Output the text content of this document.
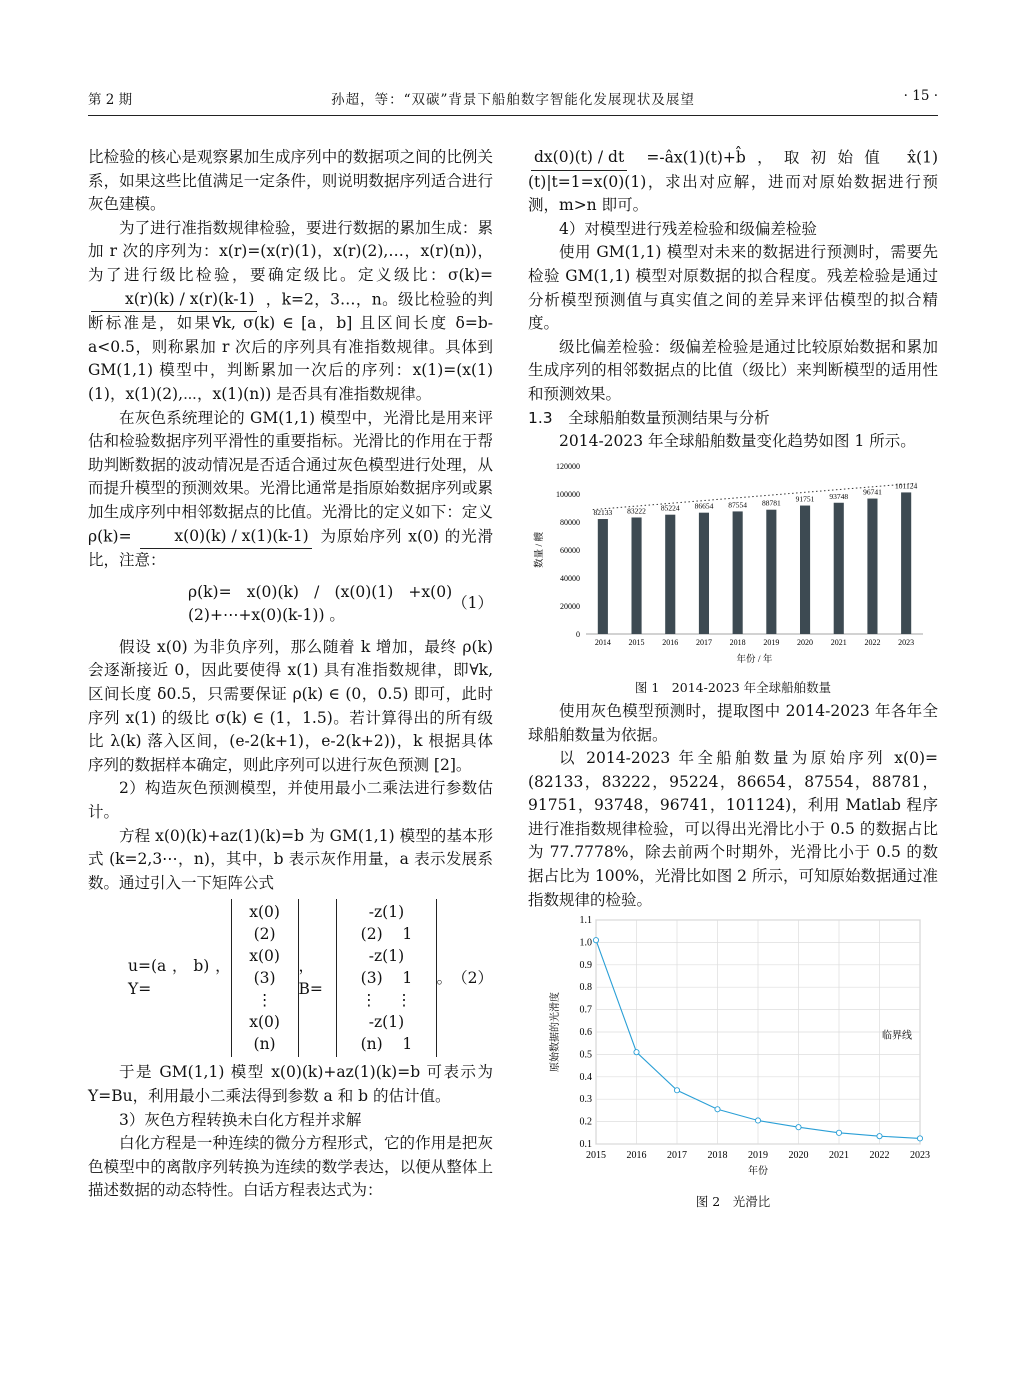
第 2 期	孙超，等：“双碳”背景下船舶数字智能化发展现状及展望	· 15 ·

比检验的核心是观察累加生成序列中的数据项之间的比例关系，如果这些比值满足一定条件，则说明数据序列适合进行灰色建模。

为了进行准指数规律检验，要进行数据的累加生成：累加 r 次的序列为：x(r)=(x(r)(1)，x(r)(2),…，x(r)(n))，为了进行级比检验，要确定级比。定义级比：σ(k)=
x(r)(k) / x(r)(k-1) ，k=2，3…，n。级比检验的判断标准是，如果∀k, σ(k) ∈ [a，b] 且区间长度 δ=b-a<0.5，则称累加 r 次后的序列具有准指数规律。具体到 GM(1,1) 模型中，判断累加一次后的序列：x(1)=(x(1)(1)，x(1)(2),⋯，x(1)(n)) 是否具有准指数规律。

在灰色系统理论的 GM(1,1) 模型中，光滑比是用来评估和检验数据序列平滑性的重要指标。光滑比的作用在于帮助判断数据的波动情况是否适合通过灰色模型进行处理，从而提升模型的预测效果。光滑比通常是指原始数据序列或累加生成序列中相邻数据点的比值。光滑比的定义如下：定义 ρ(k)=	x(0)(k) / x(1)(k-1) 为原始序列 x(0) 的光滑比，注意：

ρ(k)= x(0)(k) / (x(0)(1) +x(0)(2)+⋯+x(0)(k-1)) 。
（1）

假设 x(0) 为非负序列，那么随着 k 增加，最终 ρ(k) 会逐渐接近 0，因此要使得 x(1) 具有准指数规律，即∀k, 区间长度 δ0.5，只需要保证 ρ(k) ∈ (0，0.5) 即可，此时序列 x(1) 的级比 σ(k) ∈ (1，1.5)。若计算得出的所有级比 λ(k) 落入区间，(e-2(k+1)，e-2(k+2))，k 根据具体序列的数据样本确定，则此序列可以进行灰色预测 [2]。

2）构造灰色预测模型，并使用最小二乘法进行参数估计。

方程 x(0)(k)+az(1)(k)=b 为 GM(1,1) 模型的基本形式 (k=2,3⋯，n)，其中，b 表示灰作用量，a 表示发展系数。通过引入一下矩阵公式

u=(a，b)，Y=
x(0)(2)
x(0)(3)
⋮
x(0)(n)
，B=
-z(1)(2) 1
-z(1)(3) 1
⋮ ⋮
-z(1)(n) 1
。 （2）

于是 GM(1,1) 模型 x(0)(k)+az(1)(k)=b 可表示为 Y=Bu，利用最小二乘法得到参数 a 和 b 的估计值。

3）灰色方程转换未白化方程并求解

白化方程是一种连续的微分方程形式，它的作用是把灰色模型中的离散序列转换为连续的数学表达，以便从整体上描述数据的动态特性。白话方程表达式为：

dx(0)(t) / dt =-âx(1)(t)+b̂，取初始值 x̂(1)(t)|t=1=x(0)(1)，求出对应解，进而对原始数据进行预测，m>n 即可。

4）对模型进行残差检验和级偏差检验

使用 GM(1,1) 模型对未来的数据进行预测时，需要先检验 GM(1,1) 模型对原数据的拟合程度。残差检验是通过分析模型预测值与真实值之间的差异来评估模型的拟合精度。

级比偏差检验：级偏差检验是通过比较原始数据和累加生成序列的相邻数据点的比值（级比）来判断模型的适用性和预测效果。

1.3　全球船舶数量预测结果与分析

2014-2023 年全球船舶数量变化趋势如图 1 所示。

0
20000
40000
60000
80000
100000
120000
82133
2014
83222
2015
85224
2016
86654
2017
87554
2018
88781
2019
91751
2020
93748
2021
96741
2022
101124
2023
年份 / 年
数量 / 艘
图 1　2014-2023 年全球船舶数量

使用灰色模型预测时，提取图中 2014-2023 年各年全球船舶数量为依据。

以 2014-2023 年全船舶数量为原始序列 x(0)=(82133，83222，95224，86654，87554，88781，91751，93748，96741，101124)，利用 Matlab 程序进行准指数规律检验，可以得出光滑比小于 0.5 的数据占比为 77.7778%，除去前两个时期外，光滑比小于 0.5 的数据占比为 100%，光滑比如图 2 所示，可知原始数据通过准指数规律的检验。

0.1
0.2
0.3
0.4
0.5
0.6
0.7
0.8
0.9
1.0
1.1
2015 2016 2017 2018 2019 2020 2021 2022 2023
临界线
年份
原始数据的光滑度
图 2　光滑比
